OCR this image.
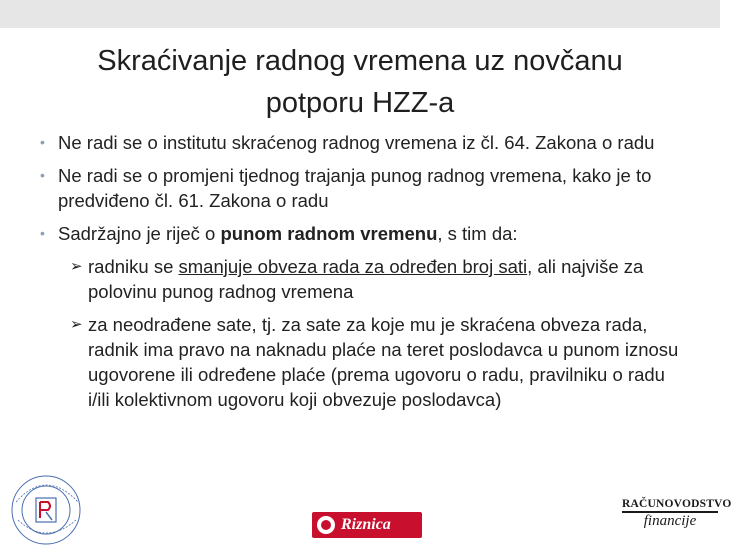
Skraćivanje radnog vremena uz novčanu
potporu HZZ-a
• Ne radi se o institutu skraćenog radnog vremena iz čl. 64. Zakona o radu
• Ne radi se o promjeni tjednog trajanja punog radnog vremena, kako je to predviđeno čl. 61. Zakona o radu
• Sadržajno je riječ o punom radnom vremenu, s tim da:
➢ radniku se smanjuje obveza rada za određen broj sati, ali najviše za polovinu punog radnog vremena
➢ za neodrađene sate, tj. za sate za koje mu je skraćena obveza rada, radnik ima pravo na naknadu plaće na teret poslodavca u punom iznosu ugovorene ili određene plaće (prema ugovoru o radu, pravilniku o radu i/ili kolektivnom ugovoru koji obvezuje poslodavca)
Riznica
RAČUNOVODSTVO
financije
